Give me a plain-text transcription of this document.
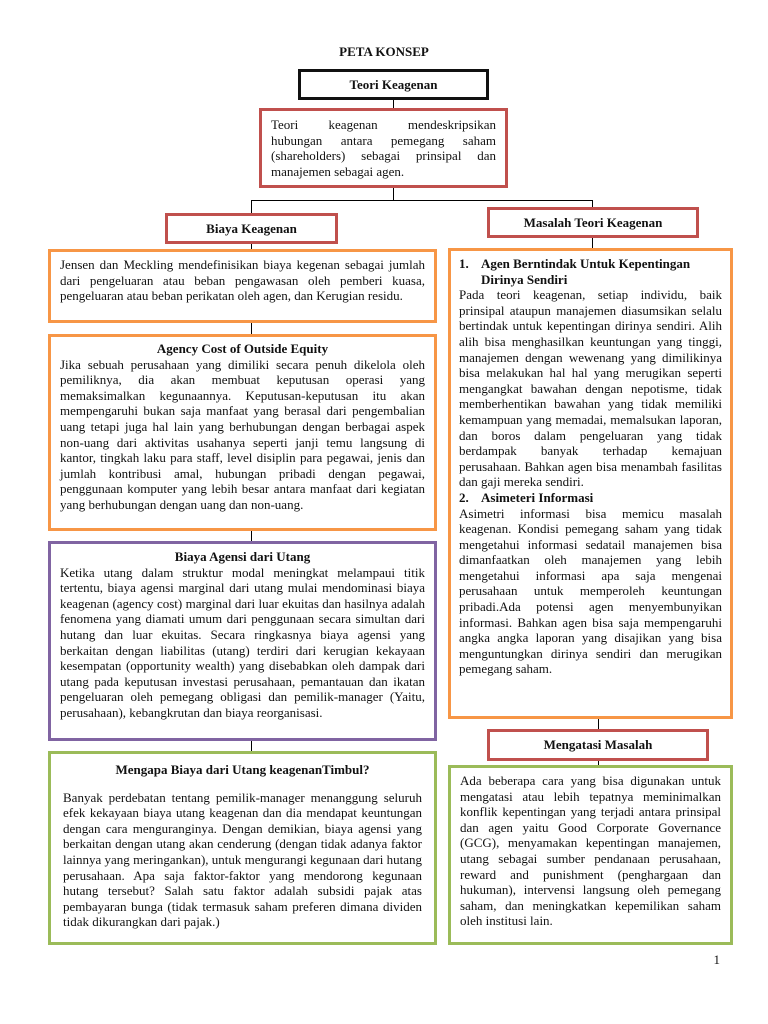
PETA KONSEP
Teori Keagenan

Teori keagenan mendeskripsikan hubungan antara pemegang saham (shareholders) sebagai prinsipal dan manajemen sebagai agen.

Biaya Keagenan	Masalah Teori Keagenan

Jensen dan Meckling mendefinisikan biaya kegenan sebagai jumlah dari pengeluaran atau beban pengawasan oleh pemberi kuasa, pengeluaran atau beban perikatan oleh agen, dan Kerugian residu.

Agency Cost of Outside Equity

Jika sebuah perusahaan yang dimiliki secara penuh dikelola oleh pemiliknya, dia akan membuat keputusan operasi yang memaksimalkan kegunaannya. Keputusan-keputusan itu akan mempengaruhi bukan saja manfaat yang berasal dari pengembalian uang tetapi juga hal lain yang berhubungan dengan berbagai aspek non-uang dari aktivitas usahanya seperti janji temu langsung di kantor, tingkah laku para staff, level disiplin para pegawai, jenis dan jumlah kontribusi amal, hubungan pribadi dengan pegawai, penggunaan komputer yang lebih besar antara manfaat dari kegiatan yang berhubungan dengan uang dan non-uang.

Biaya Agensi dari Utang

Ketika utang dalam struktur modal meningkat melampaui titik tertentu, biaya agensi marginal dari utang mulai mendominasi biaya keagenan (agency cost) marginal dari luar ekuitas dan hasilnya adalah fenomena yang diamati umum dari penggunaan secara simultan dari hutang dan luar ekuitas. Secara ringkasnya biaya agensi yang berkaitan dengan liabilitas (utang) terdiri dari kerugian kekayaan kesempatan (opportunity wealth) yang disebabkan oleh dampak dari utang pada keputusan investasi perusahaan, pemantauan dan ikatan pengeluaran oleh pemegang obligasi dan pemilik-manager (Yaitu, perusahaan), kebangkrutan dan biaya reorganisasi.

Mengapa Biaya dari Utang keagenanTimbul?

Banyak perdebatan tentang pemilik-manager menanggung seluruh efek kekayaan biaya utang keagenan dan dia mendapat keuntungan dengan cara menguranginya. Dengan demikian, biaya agensi yang berkaitan dengan utang akan cenderung (dengan tidak adanya faktor lainnya yang meringankan), untuk mengurangi kegunaan dari hutang perusahaan. Apa saja faktor-faktor yang mendorong kegunaan hutang tersebut? Salah satu faktor adalah subsidi pajak atas pembayaran bunga (tidak termasuk saham preferen dimana dividen tidak dikurangkan dari pajak.)

1. Agen Berntindak Untuk Kepentingan Dirinya Sendiri

Pada teori keagenan, setiap individu, baik prinsipal ataupun manajemen diasumsikan selalu bertindak untuk kepentingan dirinya sendiri. Alih alih bisa menghasilkan keuntungan yang tinggi, manajemen dengan wewenang yang dimilikinya bisa melakukan hal hal yang merugikan seperti mengangkat bawahan dengan nepotisme, tidak memberhentikan bawahan yang tidak memiliki kemampuan yang memadai, memalsukan laporan, dan boros dalam pengeluaran yang tidak berdampak banyak terhadap kemajuan perusahaan. Bahkan agen bisa menambah fasilitas dan gaji mereka sendiri.

2. Asimeteri Informasi

Asimetri informasi bisa memicu masalah keagenan. Kondisi pemegang saham yang tidak mengetahui informasi sedatail manajemen bisa dimanfaatkan oleh manajemen yang lebih mengetahui informasi apa saja mengenai perusahaan untuk memperoleh keuntungan pribadi.Ada potensi agen menyembunyikan informasi. Bahkan agen bisa saja mempengaruhi angka angka laporan yang disajikan yang bisa menguntungkan dirinya sendiri dan merugikan pemegang saham.

Mengatasi Masalah

Ada beberapa cara yang bisa digunakan untuk mengatasi atau lebih tepatnya meminimalkan konflik kepentingan yang terjadi antara prinsipal dan agen yaitu Good Corporate Governance (GCG), menyamakan kepentingan manajemen, utang sebagai sumber pendanaan perusahaan, reward and punishment (penghargaan dan hukuman), intervensi langsung oleh pemegang saham, dan meningkatkan kepemilikan saham oleh institusi lain.

1
